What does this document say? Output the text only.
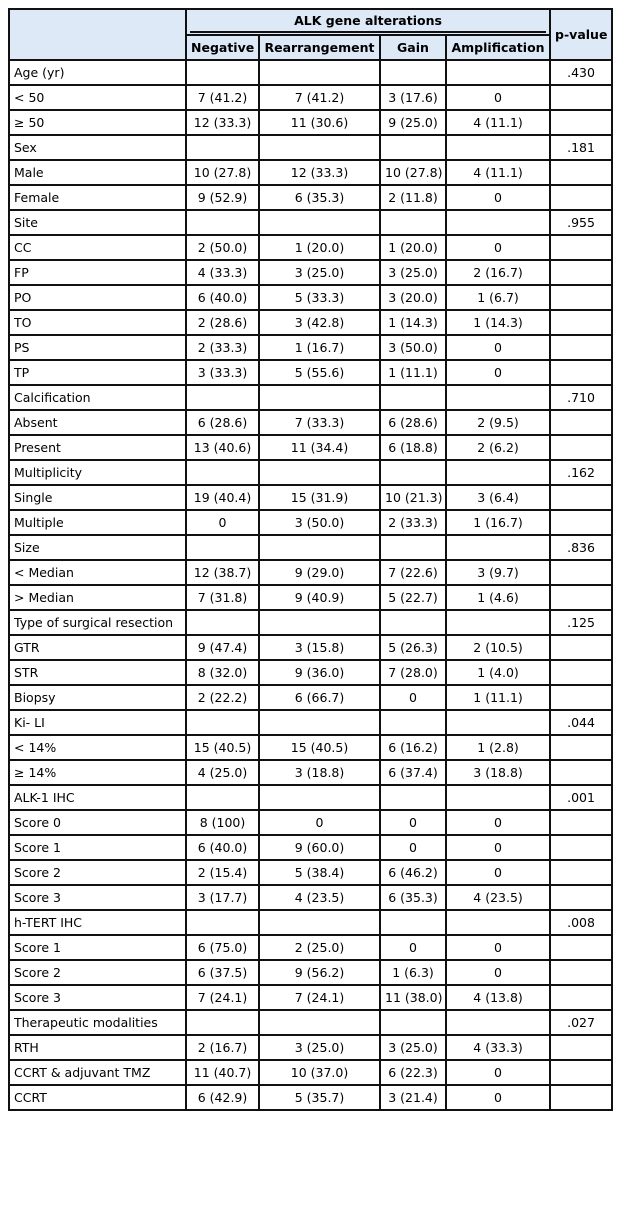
	ALK gene alterations				p-value
	Negative	Rearrangement	Gain	Amplification	
Age (yr)					.430
< 50	7 (41.2)	7 (41.2)	3 (17.6)	0	
≥ 50	12 (33.3)	11 (30.6)	9 (25.0)	4 (11.1)	
Sex					.181
Male	10 (27.8)	12 (33.3)	10 (27.8)	4 (11.1)	
Female	9 (52.9)	6 (35.3)	2 (11.8)	0	
Site					.955
CC	2 (50.0)	1 (20.0)	1 (20.0)	0	
FP	4 (33.3)	3 (25.0)	3 (25.0)	2 (16.7)	
PO	6 (40.0)	5 (33.3)	3 (20.0)	1 (6.7)	
TO	2 (28.6)	3 (42.8)	1 (14.3)	1 (14.3)	
PS	2 (33.3)	1 (16.7)	3 (50.0)	0	
TP	3 (33.3)	5 (55.6)	1 (11.1)	0	
Calcification					.710
Absent	6 (28.6)	7 (33.3)	6 (28.6)	2 (9.5)	
Present	13 (40.6)	11 (34.4)	6 (18.8)	2 (6.2)	
Multiplicity					.162
Single	19 (40.4)	15 (31.9)	10 (21.3)	3 (6.4)	
Multiple	0	3 (50.0)	2 (33.3)	1 (16.7)	
Size					.836
< Median	12 (38.7)	9 (29.0)	7 (22.6)	3 (9.7)	
> Median	7 (31.8)	9 (40.9)	5 (22.7)	1 (4.6)	
Type of surgical resection					.125
GTR	9 (47.4)	3 (15.8)	5 (26.3)	2 (10.5)	
STR	8 (32.0)	9 (36.0)	7 (28.0)	1 (4.0)	
Biopsy	2 (22.2)	6 (66.7)	0	1 (11.1)	
Ki- LI					.044
< 14%	15 (40.5)	15 (40.5)	6 (16.2)	1 (2.8)	
≥ 14%	4 (25.0)	3 (18.8)	6 (37.4)	3 (18.8)	
ALK-1 IHC					.001
Score 0	8 (100)	0	0	0	
Score 1	6 (40.0)	9 (60.0)	0	0	
Score 2	2 (15.4)	5 (38.4)	6 (46.2)	0	
Score 3	3 (17.7)	4 (23.5)	6 (35.3)	4 (23.5)	
h-TERT IHC					.008
Score 1	6 (75.0)	2 (25.0)	0	0	
Score 2	6 (37.5)	9 (56.2)	1 (6.3)	0	
Score 3	7 (24.1)	7 (24.1)	11 (38.0)	4 (13.8)	
Therapeutic modalities					.027
RTH	2 (16.7)	3 (25.0)	3 (25.0)	4 (33.3)	
CCRT & adjuvant TMZ	11 (40.7)	10 (37.0)	6 (22.3)	0	
CCRT	6 (42.9)	5 (35.7)	3 (21.4)	0	
